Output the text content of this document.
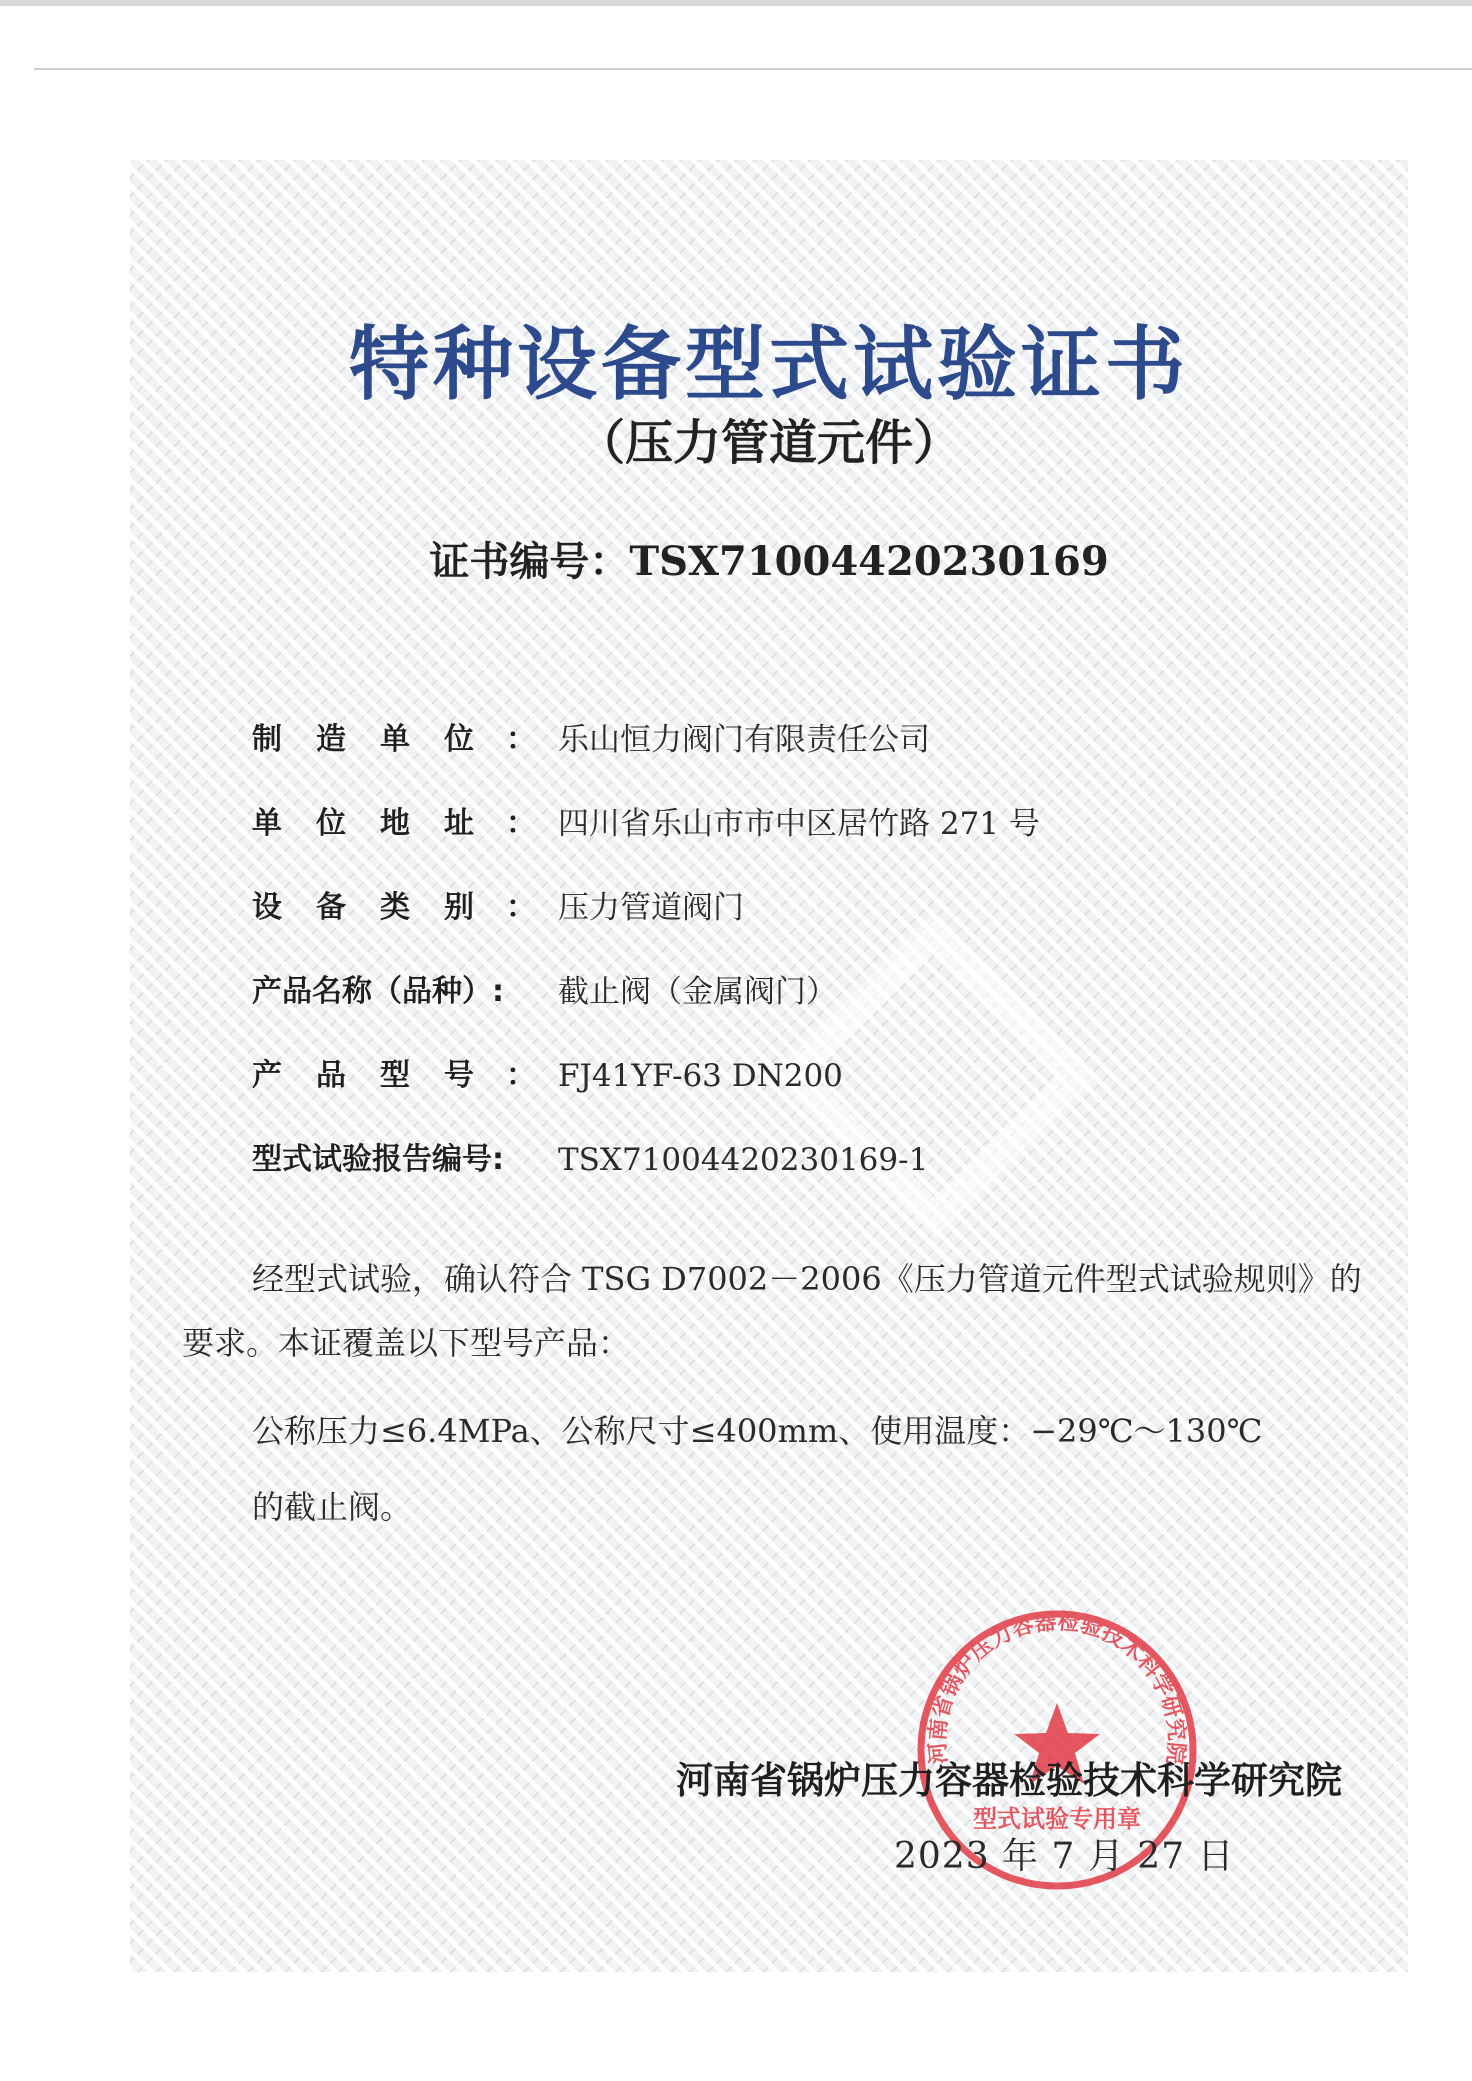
特种设备型式试验证书
（压力管道元件）
证书编号：TSX71004420230169
制造单位
： 乐山恒力阀门有限责任公司
单位地址
： 四川省乐山市市中区居竹路 271 号
设备类别
： 压力管道阀门
产品名称（品种）:	截止阀（金属阀门）
产品型号
： FJ41YF-63 DN200
型式试验报告编号:	TSX71004420230169-1
经型式试验，确认符合 TSG D7002－2006《压力管道元件型式试验规则》的
要求。本证覆盖以下型号产品：
公称压力≤6.4MPa、公称尺寸≤400mm、使用温度：−29℃～130℃
的截止阀。
河南省锅炉压力容器检验技术科学研究院
型式试验专用章
河南省锅炉压力容器检验技术科学研究院
2023 年 7 月 27 日
